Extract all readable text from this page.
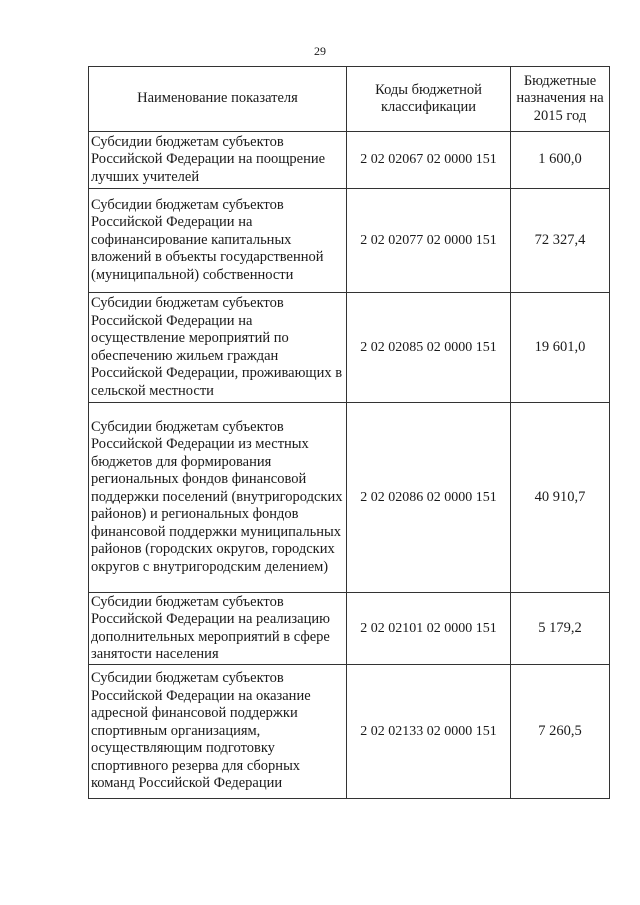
29
Наименование показателя	Коды бюджетной классификации	Бюджетные назначения на 2015 год
Субсидии бюджетам субъектов Российской Федерации на поощрение лучших учителей	2 02 02067 02 0000 151	1 600,0
Субсидии бюджетам субъектов Российской Федерации на софинансирование капитальных вложений в объекты государственной (муниципальной) собственности	2 02 02077 02 0000 151	72 327,4
Субсидии бюджетам субъектов Российской Федерации на осуществление мероприятий по обеспечению жильем граждан Российской Федерации, проживающих в сельской местности	2 02 02085 02 0000 151	19 601,0
Субсидии бюджетам субъектов Российской Федерации из местных бюджетов для формирования региональных фондов финансовой поддержки поселений (внутригородских районов) и региональных фондов финансовой поддержки муниципальных районов (городских округов, городских округов с внутригородским делением)	2 02 02086 02 0000 151	40 910,7
Субсидии бюджетам субъектов Российской Федерации на реализацию дополнительных мероприятий в сфере занятости населения	2 02 02101 02 0000 151	5 179,2
Субсидии бюджетам субъектов Российской Федерации на оказание адресной финансовой поддержки спортивным организациям, осуществляющим подготовку спортивного резерва для сборных команд Российской Федерации	2 02 02133 02 0000 151	7 260,5
